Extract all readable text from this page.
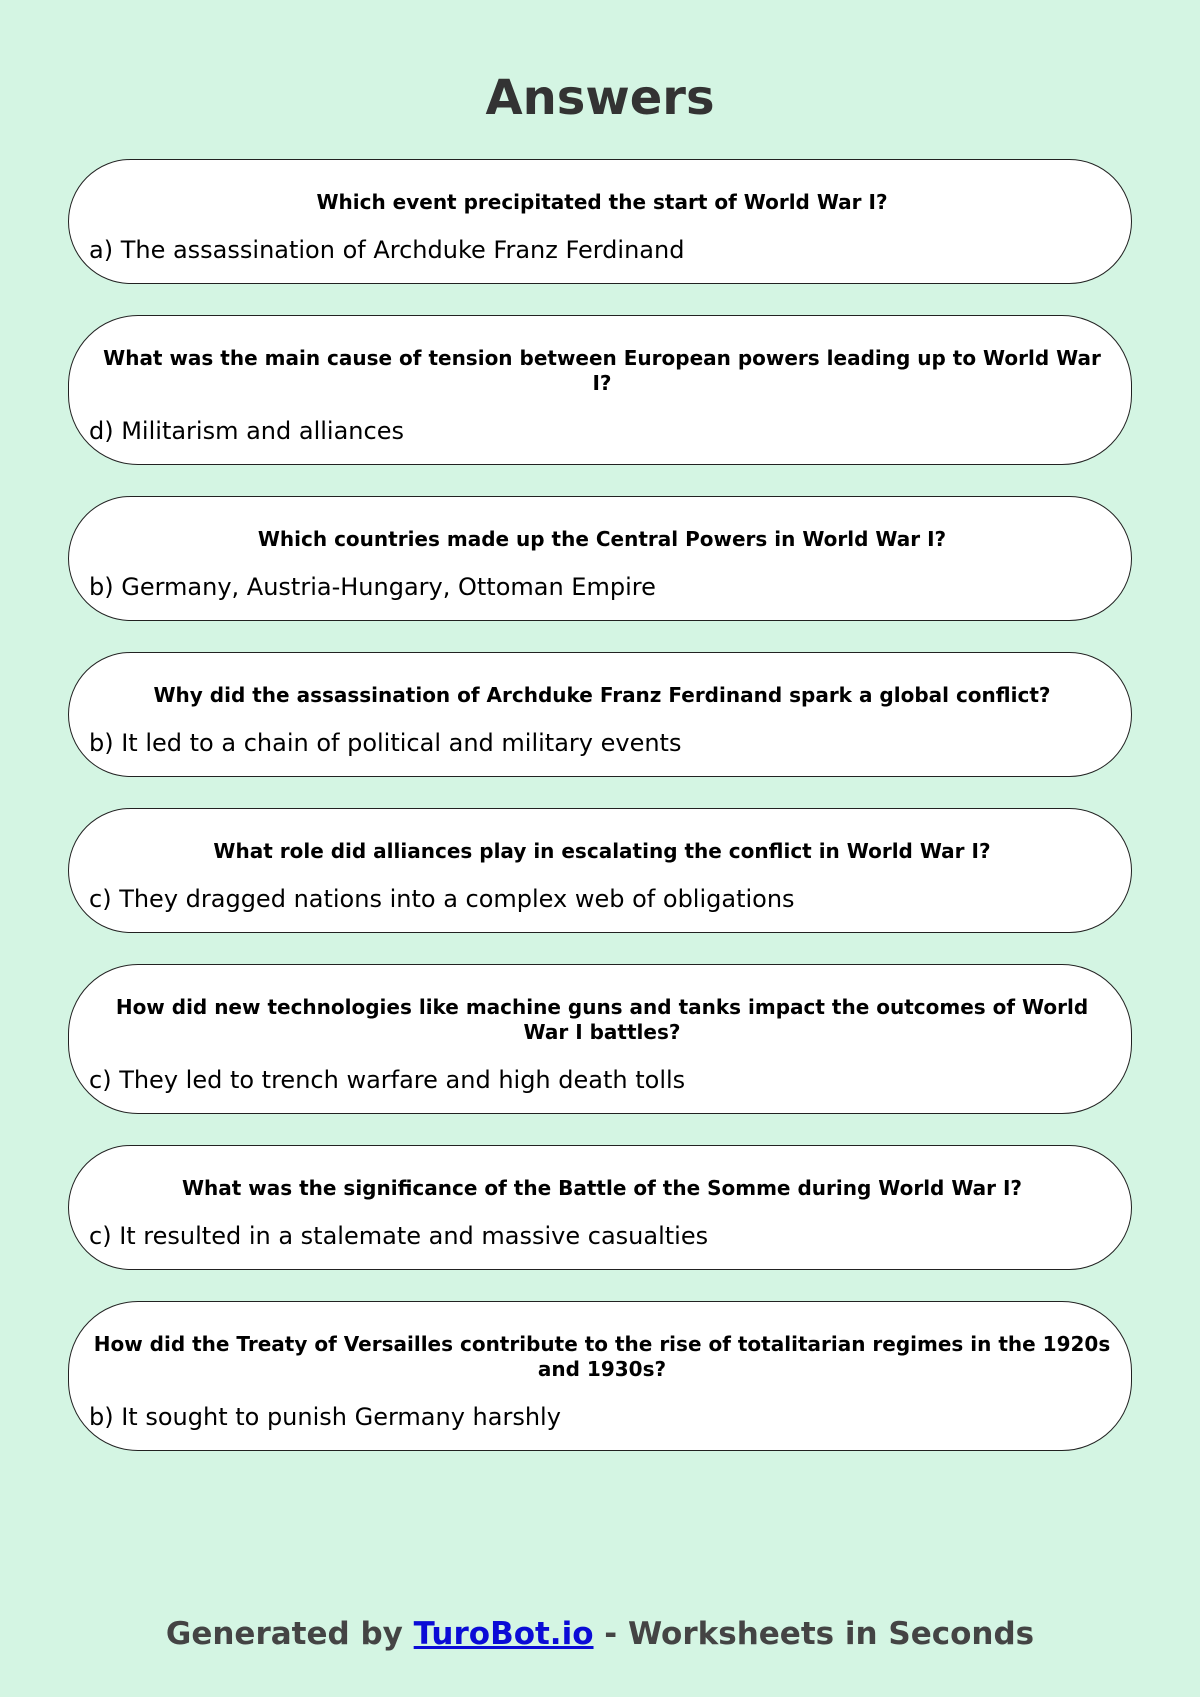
Answers

Which event precipitated the start of World War I?

a) The assassination of Archduke Franz Ferdinand

What was the main cause of tension between European powers leading up to World War I?

d) Militarism and alliances

Which countries made up the Central Powers in World War I?

b) Germany, Austria-Hungary, Ottoman Empire

Why did the assassination of Archduke Franz Ferdinand spark a global conflict?

b) It led to a chain of political and military events

What role did alliances play in escalating the conflict in World War I?

c) They dragged nations into a complex web of obligations

How did new technologies like machine guns and tanks impact the outcomes of World War I battles?

c) They led to trench warfare and high death tolls

What was the significance of the Battle of the Somme during World War I?

c) It resulted in a stalemate and massive casualties

How did the Treaty of Versailles contribute to the rise of totalitarian regimes in the 1920s and 1930s?

b) It sought to punish Germany harshly

Generated by TuroBot.io - Worksheets in Seconds
